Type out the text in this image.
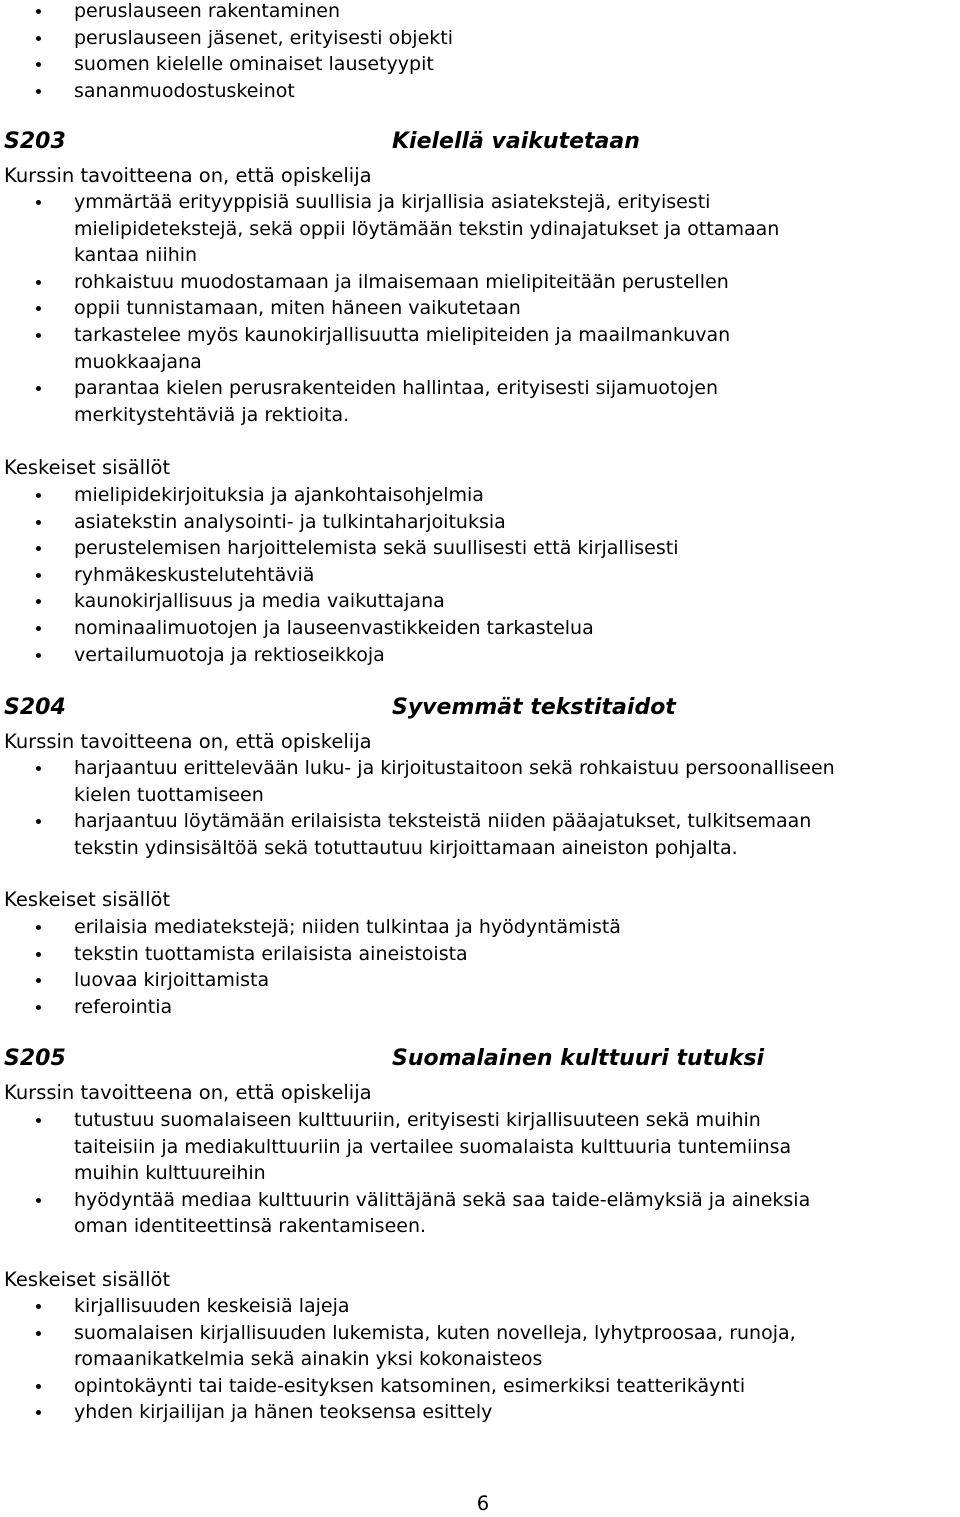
peruslauseen rakentaminen
peruslauseen jäsenet, erityisesti objekti
suomen kielelle ominaiset lausetyypit
sananmuodostuskeinot
S203	Kielellä vaikutetaan
Kurssin tavoitteena on, että opiskelija
ymmärtää erityyppisiä suullisia ja kirjallisia asiatekstejä, erityisesti
mielipidetekstejä, sekä oppii löytämään tekstin ydinajatukset ja ottamaan
kantaa niihin
rohkaistuu muodostamaan ja ilmaisemaan mielipiteitään perustellen
oppii tunnistamaan, miten häneen vaikutetaan
tarkastelee myös kaunokirjallisuutta mielipiteiden ja maailmankuvan
muokkaajana
parantaa kielen perusrakenteiden hallintaa, erityisesti sijamuotojen
merkitystehtäviä ja rektioita.
Keskeiset sisällöt
mielipidekirjoituksia ja ajankohtaisohjelmia
asiatekstin analysointi- ja tulkintaharjoituksia
perustelemisen harjoittelemista sekä suullisesti että kirjallisesti
ryhmäkeskustelutehtäviä
kaunokirjallisuus ja media vaikuttajana
nominaalimuotojen ja lauseenvastikkeiden tarkastelua
vertailumuotoja ja rektioseikkoja
S204	Syvemmät tekstitaidot
Kurssin tavoitteena on, että opiskelija
harjaantuu erittelevään luku- ja kirjoitustaitoon sekä rohkaistuu persoonalliseen
kielen tuottamiseen
harjaantuu löytämään erilaisista teksteistä niiden pääajatukset, tulkitsemaan
tekstin ydinsisältöä sekä totuttautuu kirjoittamaan aineiston pohjalta.
Keskeiset sisällöt
erilaisia mediatekstejä; niiden tulkintaa ja hyödyntämistä
tekstin tuottamista erilaisista aineistoista
luovaa kirjoittamista
referointia
S205	Suomalainen kulttuuri tutuksi
Kurssin tavoitteena on, että opiskelija
tutustuu suomalaiseen kulttuuriin, erityisesti kirjallisuuteen sekä muihin
taiteisiin ja mediakulttuuriin ja vertailee suomalaista kulttuuria tuntemiinsa
muihin kulttuureihin
hyödyntää mediaa kulttuurin välittäjänä sekä saa taide-elämyksiä ja aineksia
oman identiteettinsä rakentamiseen.
Keskeiset sisällöt
kirjallisuuden keskeisiä lajeja
suomalaisen kirjallisuuden lukemista, kuten novelleja, lyhytproosaa, runoja,
romaanikatkelmia sekä ainakin yksi kokonaisteos
opintokäynti tai taide-esityksen katsominen, esimerkiksi teatterikäynti
yhden kirjailijan ja hänen teoksensa esittely
6
